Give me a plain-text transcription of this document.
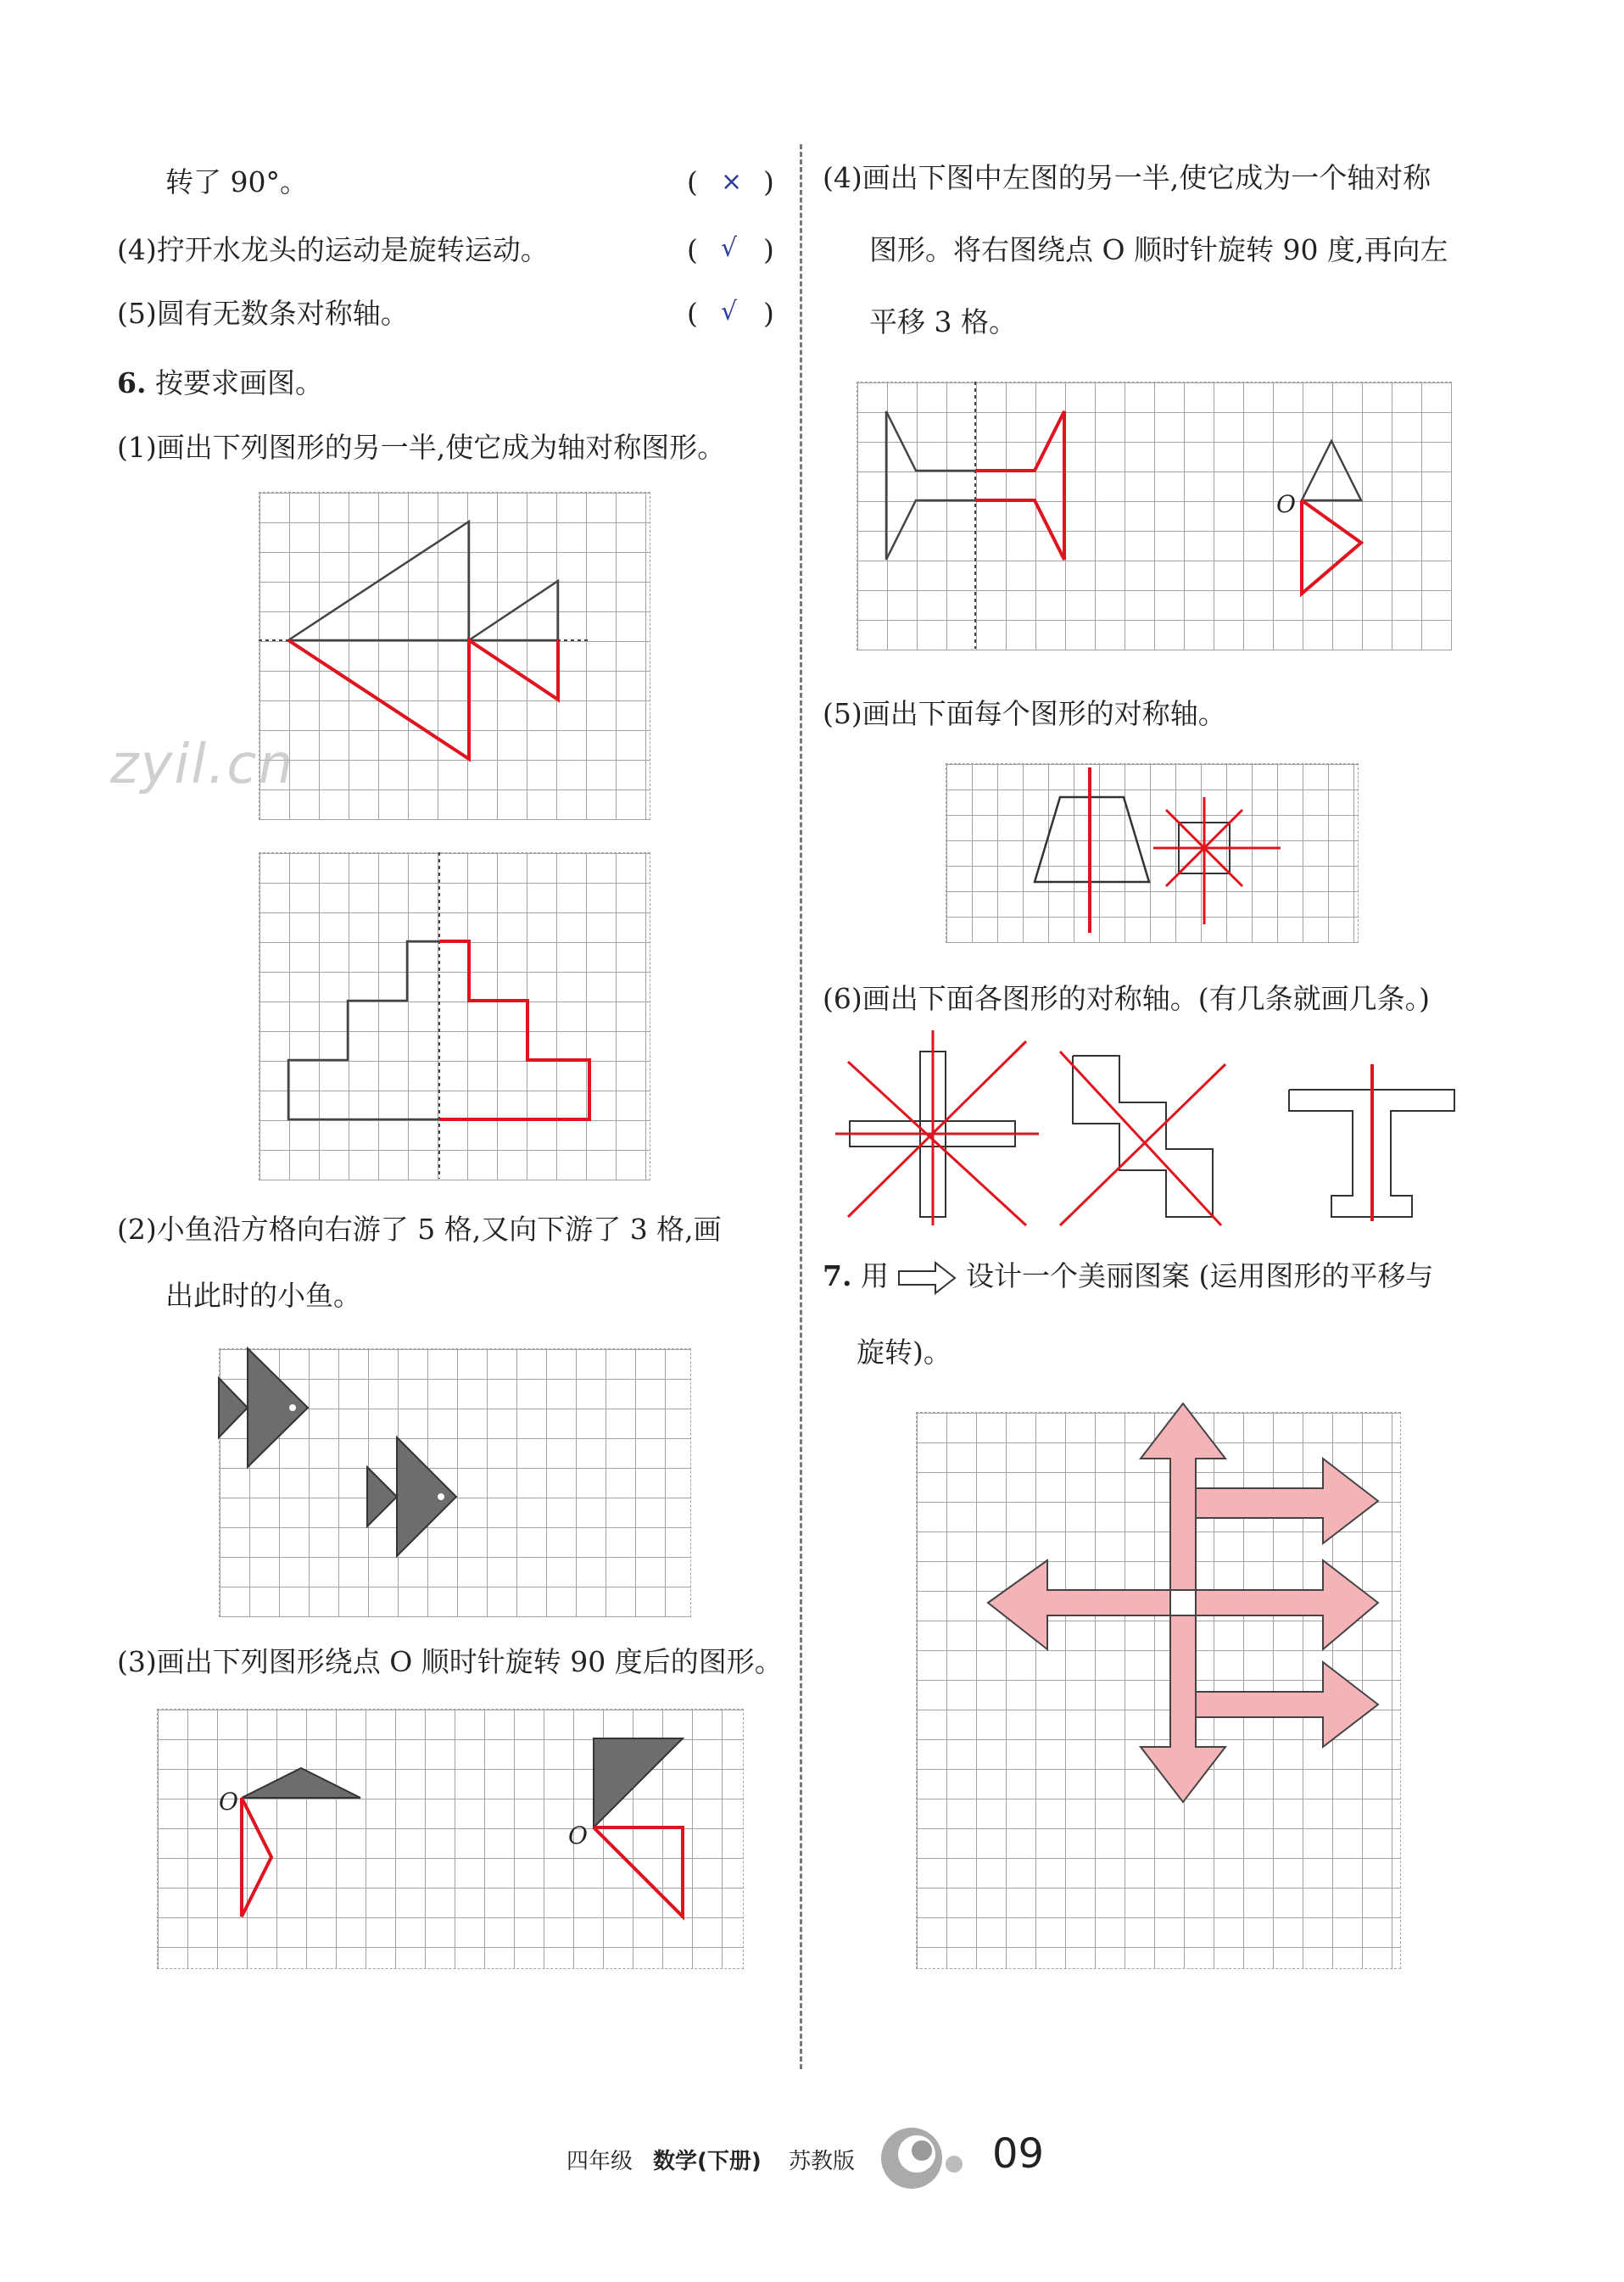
转了 90°。	( × )
(4)拧开水龙头的运动是旋转运动。	( √ )
(5)圆有无数条对称轴。	( √ )
6. 按要求画图。
(1)画出下列图形的另一半,使它成为轴对称图形。
zyil.cn
(2)小鱼沿方格向右游了 5 格,又向下游了 3 格,画
出此时的小鱼。
(3)画出下列图形绕点 O 顺时针旋转 90 度后的图形。
O
O
(4)画出下图中左图的另一半,使它成为一个轴对称
图形。将右图绕点 O 顺时针旋转 90 度,再向左
平移 3 格。
O
(5)画出下面每个图形的对称轴。
(6)画出下面各图形的对称轴。(有几条就画几条。)
7. 用	设计一个美丽图案 (运用图形的平移与
旋转)。
四年级 数学(下册) 苏教版	09
